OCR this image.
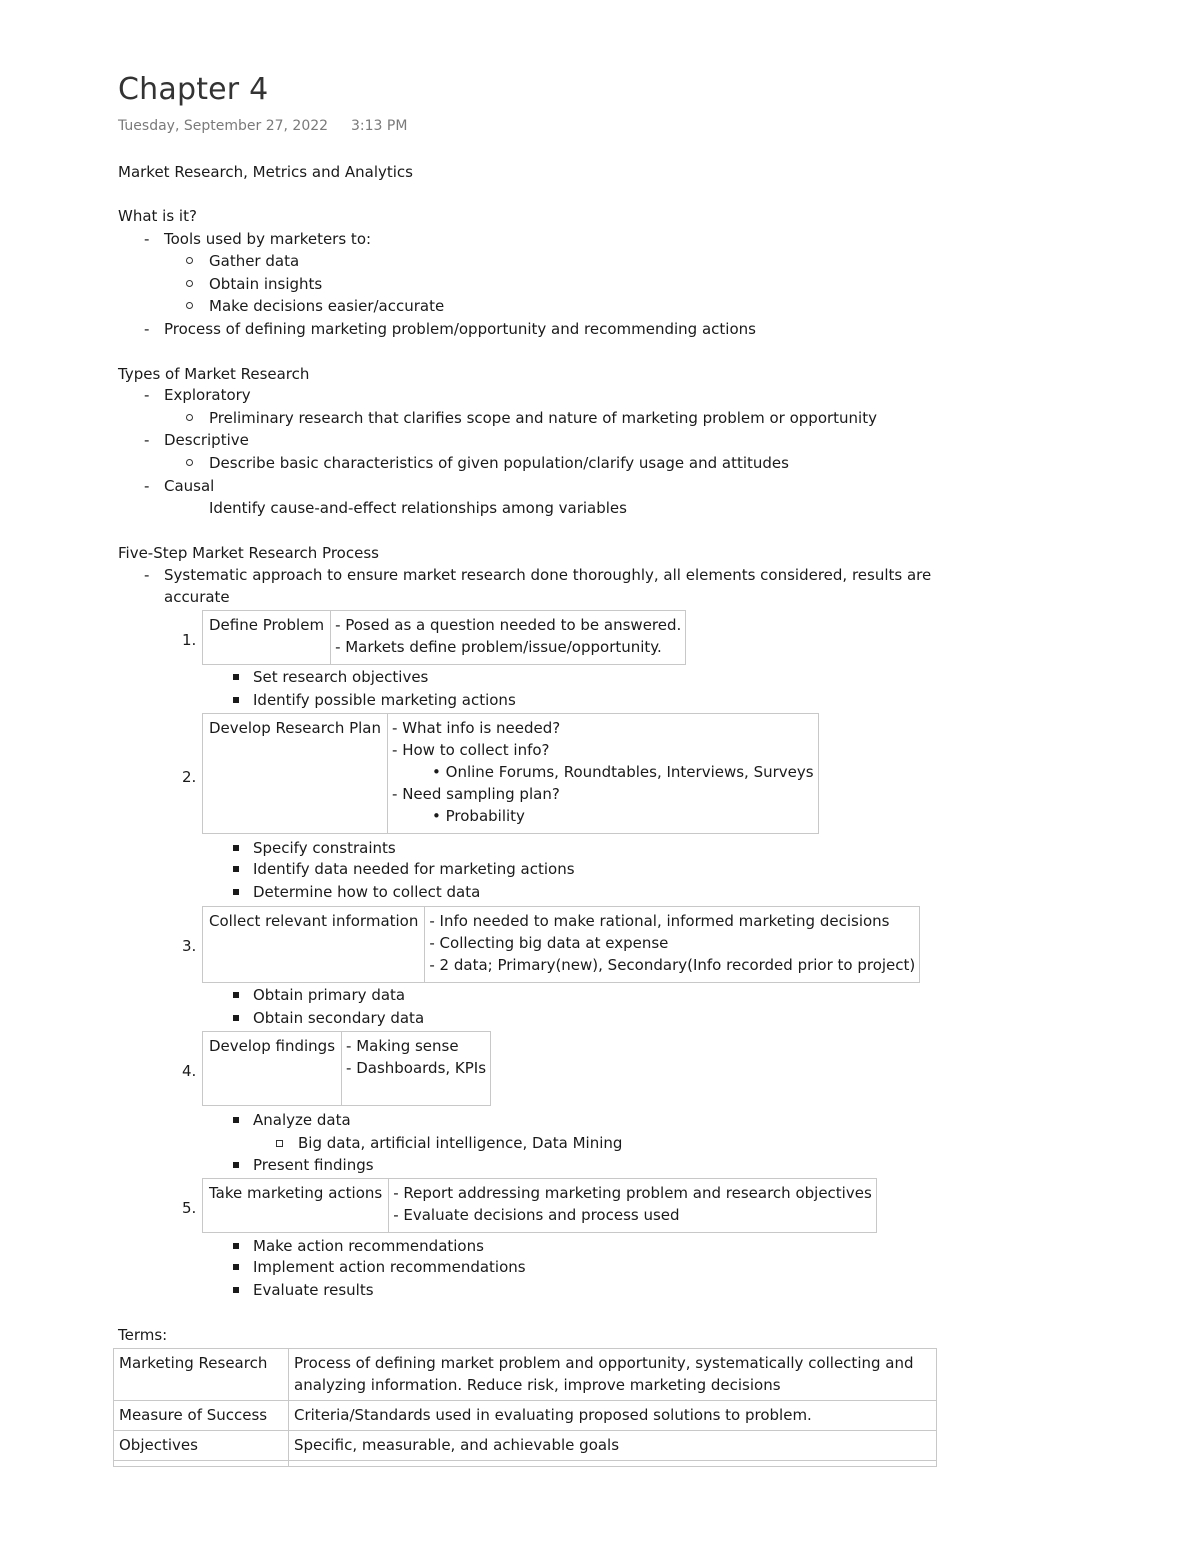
Chapter 4
Tuesday, September 27, 2022 3:13 PM
Market Research, Metrics and Analytics
What is it?
- Tools used by marketers to:
Gather data
Obtain insights
Make decisions easier/accurate
- Process of defining marketing problem/opportunity and recommending actions
Types of Market Research
- Exploratory
Preliminary research that clarifies scope and nature of marketing problem or opportunity
- Descriptive
Describe basic characteristics of given population/clarify usage and attitudes
- Causal
Identify cause-and-effect relationships among variables
Five-Step Market Research Process
- Systematic approach to ensure market research done thoroughly, all elements considered, results are
accurate
1.
Define Problem	- Posed as a question needed to be answered.
- Markets define problem/issue/opportunity.
Set research objectives
Identify possible marketing actions
2.
Develop Research Plan	- What info is needed?
- How to collect info?
• Online Forums, Roundtables, Interviews, Surveys
- Need sampling plan?
• Probability
Specify constraints
Identify data needed for marketing actions
Determine how to collect data
3.
Collect relevant information	- Info needed to make rational, informed marketing decisions
- Collecting big data at expense
- 2 data; Primary(new), Secondary(Info recorded prior to project)
Obtain primary data
Obtain secondary data
4.
Develop findings	- Making sense
- Dashboards, KPIs
Analyze data
Big data, artificial intelligence, Data Mining
Present findings
5.
Take marketing actions	- Report addressing marketing problem and research objectives
- Evaluate decisions and process used
Make action recommendations
Implement action recommendations
Evaluate results
Terms:
Marketing Research	Process of defining market problem and opportunity, systematically collecting and analyzing information. Reduce risk, improve marketing decisions
Measure of Success	Criteria/Standards used in evaluating proposed solutions to problem.
Objectives	Specific, measurable, and achievable goals
